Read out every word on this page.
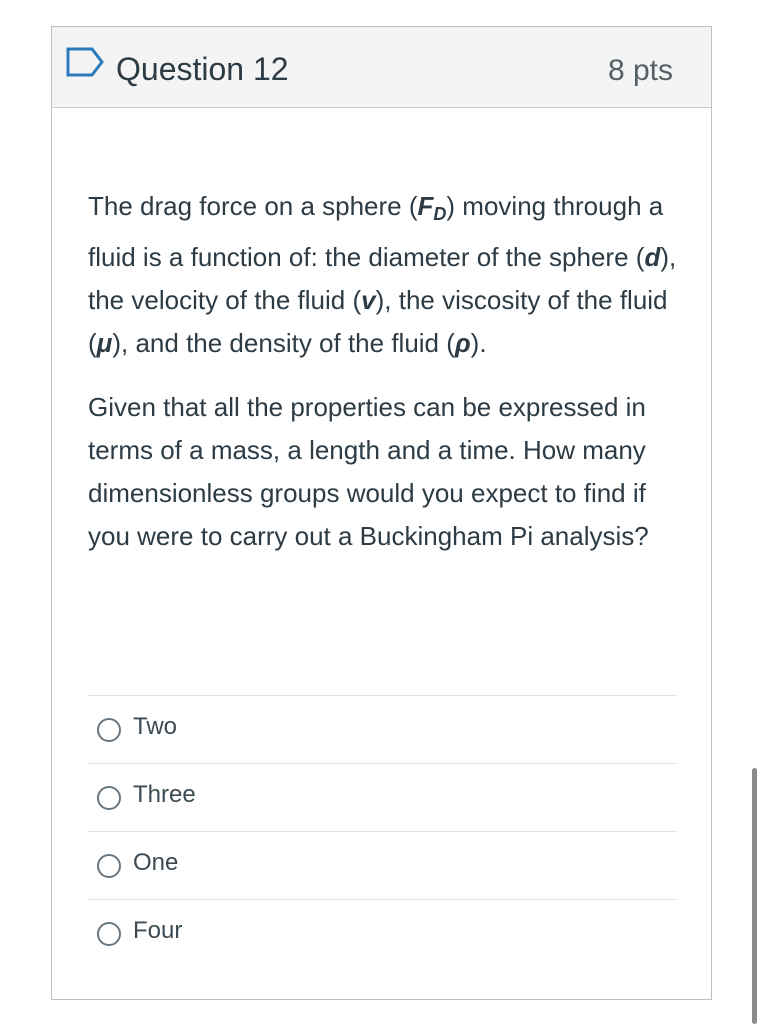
Question 12	8 pts

The drag force on a sphere $(F_D)$ moving through a fluid is a function of: the diameter of the sphere (d), the velocity of the fluid (v), the viscosity of the fluid (μ), and the density of the fluid (ρ).

Given that all the properties can be expressed in terms of a mass, a length and a time. How many dimensionless groups would you expect to find if you were to carry out a Buckingham Pi analysis?

Two
Three
One
Four
